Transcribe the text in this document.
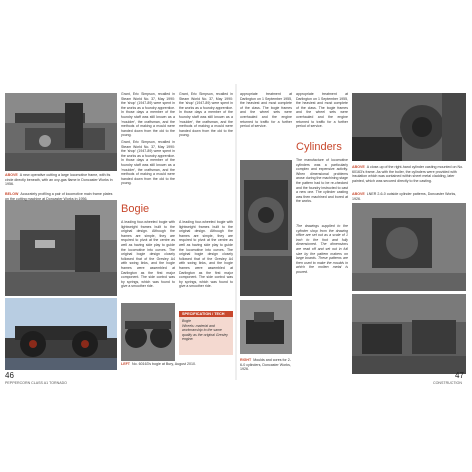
ABOVE A new operative cutting a large locomotive frame, with its circle directly beneath, with an oxy-gas flame in Doncaster Works in 1956.
BELOW Accurately profiling a pair of locomotive main frame plates on the cutting machine at Doncaster Works in 1956.

Grant, Eric Simpson, recalled in Steam World No. 37, May 1990: the 'shop' (1947-89) were spent in the works as a foundry apprentice. In those days a member of the foundry staff was still known as a 'moulder', the craftsman, and the methods of making a mould were handed down from the old to the young.

Grant, Eric Simpson, recalled in Steam World No. 37, May 1990: the 'shop' (1947-89) were spent in the works as a foundry apprentice. In those days a member of the foundry staff was still known as a 'moulder', the craftsman, and the methods of making a mould were handed down from the old to the young.

Grant, Eric Simpson, recalled in Steam World No. 37, May 1990: the 'shop' (1947-89) were spent in the works as a foundry apprentice. In those days a member of the foundry staff was still known as a 'moulder', the craftsman, and the methods of making a mould were handed down from the old to the young.

Bogie

A leading four-wheeled bogie with lightweight frames built to the original design. Although the frames are simple, they are required to pivot at the centre as well as having side play to guide the locomotive into curves. The original bogie design closely followed that of the Gresley A4 with swing links, and the bogie frames were assembled at Darlington as the first major component. The side control was by springs, which was found to give a smoother ride.

A leading four-wheeled bogie with lightweight frames built to the original design. Although the frames are simple, they are required to pivot at the centre as well as having side play to guide the locomotive into curves. The original bogie design closely followed that of the Gresley A4 with swing links, and the bogie frames were assembled at Darlington as the first major component. The side control was by springs, which was found to give a smoother ride.

LEFT No. 60163's bogie at Bury, August 2010.
SPECIFICATION / TECH
Bogie
Wheels: material and workmanship to the same quality as the original Gresley engine.
46
PEPPERCORN CLASS A1 TORNADO

appropriate treatment at Darlington on 1 September 1955, the heaviest and most complete of the class. The bogie frames and the wheel sets were overhauled and the engine returned to traffic for a further period of service.

appropriate treatment at Darlington on 1 September 1955, the heaviest and most complete of the class. The bogie frames and the wheel sets were overhauled and the engine returned to traffic for a further period of service.

Cylinders

The manufacture of locomotive cylinders was a particularly complex and expensive activity. When dimensional problems arose during the machining stage the pattern had to be re-checked and the foundry instructed to cast a new one. The cylinder casting was then machined and bored at the works.

The drawings supplied to the cylinder shop from the drawing office are set out as a scale of 1 inch to the foot and fully dimensioned. The dimensions are read off and set out in full size by the pattern makers on large boards. These patterns are then used to make the moulds in which the molten metal is poured.

RIGHT Moulds and cores for 2-6-0 cylinders, Doncaster Works, 1926.
ABOVE A close-up of the right-hand cylinder casting mounted on No. 60163's frame. As with the boiler, the cylinders were provided with insulation which was contained within sheet metal cladding, later painted, which was secured directly to the casting.
ABOVE LNER 2-6-0 outside cylinder patterns, Doncaster Works, 1926.
47
CONSTRUCTION
